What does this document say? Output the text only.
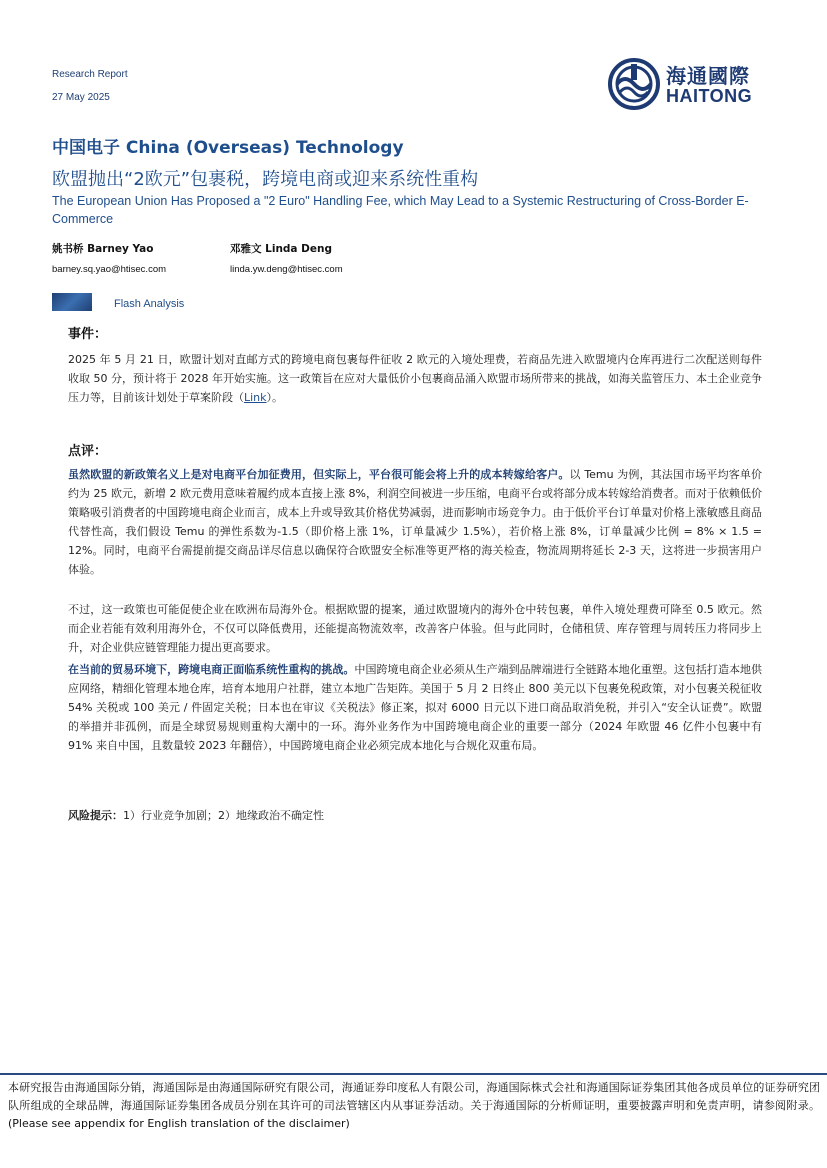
Research Report
27 May 2025
海通國際
HAITONG
中国电子 China (Overseas) Technology
欧盟抛出“2欧元”包裹税，跨境电商或迎来系统性重构
The European Union Has Proposed a "2 Euro" Handling Fee, which May Lead to a Systemic Restructuring of Cross-Border E-Commerce
姚书桥 Barney Yao
barney.sq.yao@htisec.com
邓雅文 Linda Deng
linda.yw.deng@htisec.com
Flash Analysis
事件：
2025 年 5 月 21 日，欧盟计划对直邮方式的跨境电商包裹每件征收 2 欧元的入境处理费，若商品先进入欧盟境内仓库再进行二次配送则每件收取 50 分，预计将于 2028 年开始实施。这一政策旨在应对大量低价小包裹商品涌入欧盟市场所带来的挑战，如海关监管压力、本土企业竞争压力等，目前该计划处于草案阶段（Link）。
点评：
虽然欧盟的新政策名义上是对电商平台加征费用，但实际上，平台很可能会将上升的成本转嫁给客户。以 Temu 为例，其法国市场平均客单价约为 25 欧元，新增 2 欧元费用意味着履约成本直接上涨 8%，利润空间被进一步压缩，电商平台或将部分成本转嫁给消费者。而对于依赖低价策略吸引消费者的中国跨境电商企业而言，成本上升或导致其价格优势减弱，进而影响市场竞争力。由于低价平台订单量对价格上涨敏感且商品代替性高，我们假设 Temu 的弹性系数为-1.5（即价格上涨 1%，订单量减少 1.5%），若价格上涨 8%，订单量减少比例 = 8% × 1.5 = 12%。同时，电商平台需提前提交商品详尽信息以确保符合欧盟安全标准等更严格的海关检查，物流周期将延长 2-3 天，这将进一步损害用户体验。
不过，这一政策也可能促使企业在欧洲布局海外仓。根据欧盟的提案，通过欧盟境内的海外仓中转包裹，单件入境处理费可降至 0.5 欧元。然而企业若能有效利用海外仓，不仅可以降低费用，还能提高物流效率，改善客户体验。但与此同时，仓储租赁、库存管理与周转压力将同步上升，对企业供应链管理能力提出更高要求。
在当前的贸易环境下，跨境电商正面临系统性重构的挑战。中国跨境电商企业必须从生产端到品牌端进行全链路本地化重塑。这包括打造本地供应网络，精细化管理本地仓库，培育本地用户社群，建立本地广告矩阵。美国于 5 月 2 日终止 800 美元以下包裹免税政策，对小包裹关税征收 54% 关税或 100 美元 / 件固定关税；日本也在审议《关税法》修正案，拟对 6000 日元以下进口商品取消免税，并引入“安全认证费”。欧盟的举措并非孤例，而是全球贸易规则重构大潮中的一环。海外业务作为中国跨境电商企业的重要一部分（2024 年欧盟 46 亿件小包裹中有 91% 来自中国，且数量较 2023 年翻倍），中国跨境电商企业必须完成本地化与合规化双重布局。
风险提示：1）行业竞争加剧；2）地缘政治不确定性
本研究报告由海通国际分销，海通国际是由海通国际研究有限公司，海通证券印度私人有限公司，海通国际株式会社和海通国际证券集团其他各成员单位的证券研究团队所组成的全球品牌，海通国际证券集团各成员分别在其许可的司法管辖区内从事证券活动。关于海通国际的分析师证明，重要披露声明和免责声明，请参阅附录。(Please see appendix for English translation of the disclaimer)
